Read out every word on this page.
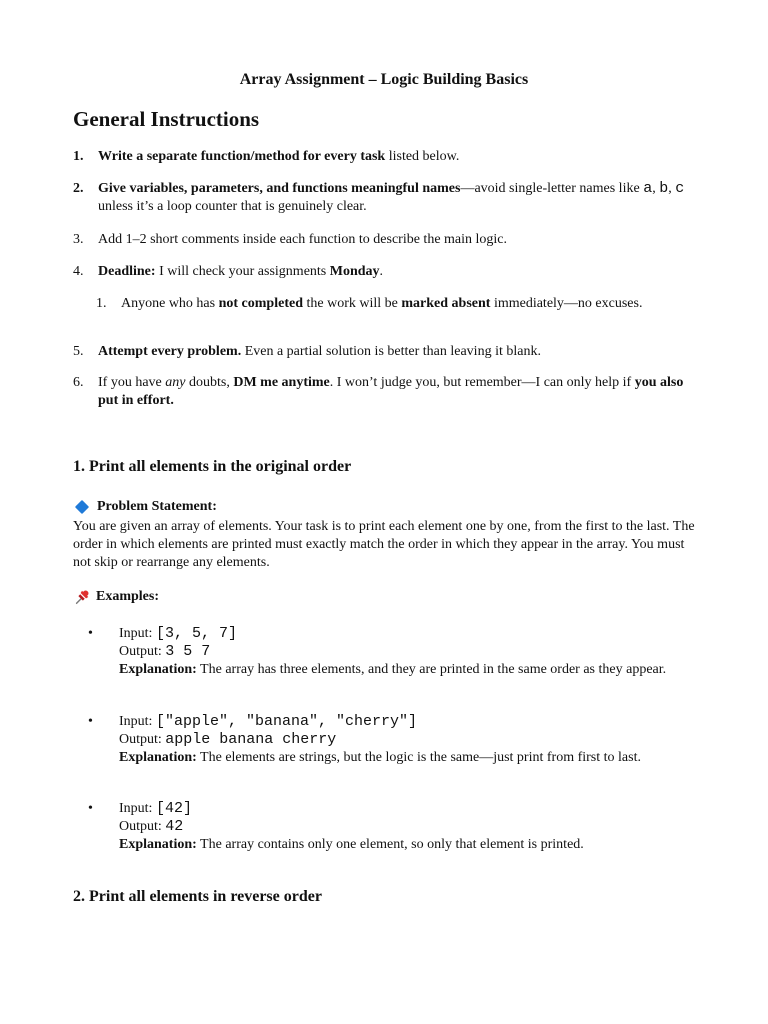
Array Assignment – Logic Building Basics
General Instructions
1.	Write a separate function/method for every task listed below.
2.	Give variables, parameters, and functions meaningful names—avoid single-letter names like a, b, c unless it’s a loop counter that is genuinely clear.
3.	Add 1–2 short comments inside each function to describe the main logic.
4.	Deadline: I will check your assignments Monday.
1.	Anyone who has not completed the work will be marked absent immediately—no excuses.
5.	Attempt every problem. Even a partial solution is better than leaving it blank.
6.	If you have any doubts, DM me anytime. I won’t judge you, but remember—I can only help if you also put in effort.
1. Print all elements in the original order
Problem Statement:
You are given an array of elements. Your task is to print each element one by one, from the first to the last. The order in which elements are printed must exactly match the order in which they appear in the array. You must not skip or rearrange any elements.
Examples:
• Input: [3, 5, 7]
Output: 3 5 7
Explanation: The array has three elements, and they are printed in the same order as they appear.
• Input: ["apple", "banana", "cherry"]
Output: apple banana cherry
Explanation: The elements are strings, but the logic is the same—just print from first to last.
• Input: [42]
Output: 42
Explanation: The array contains only one element, so only that element is printed.
2. Print all elements in reverse order
